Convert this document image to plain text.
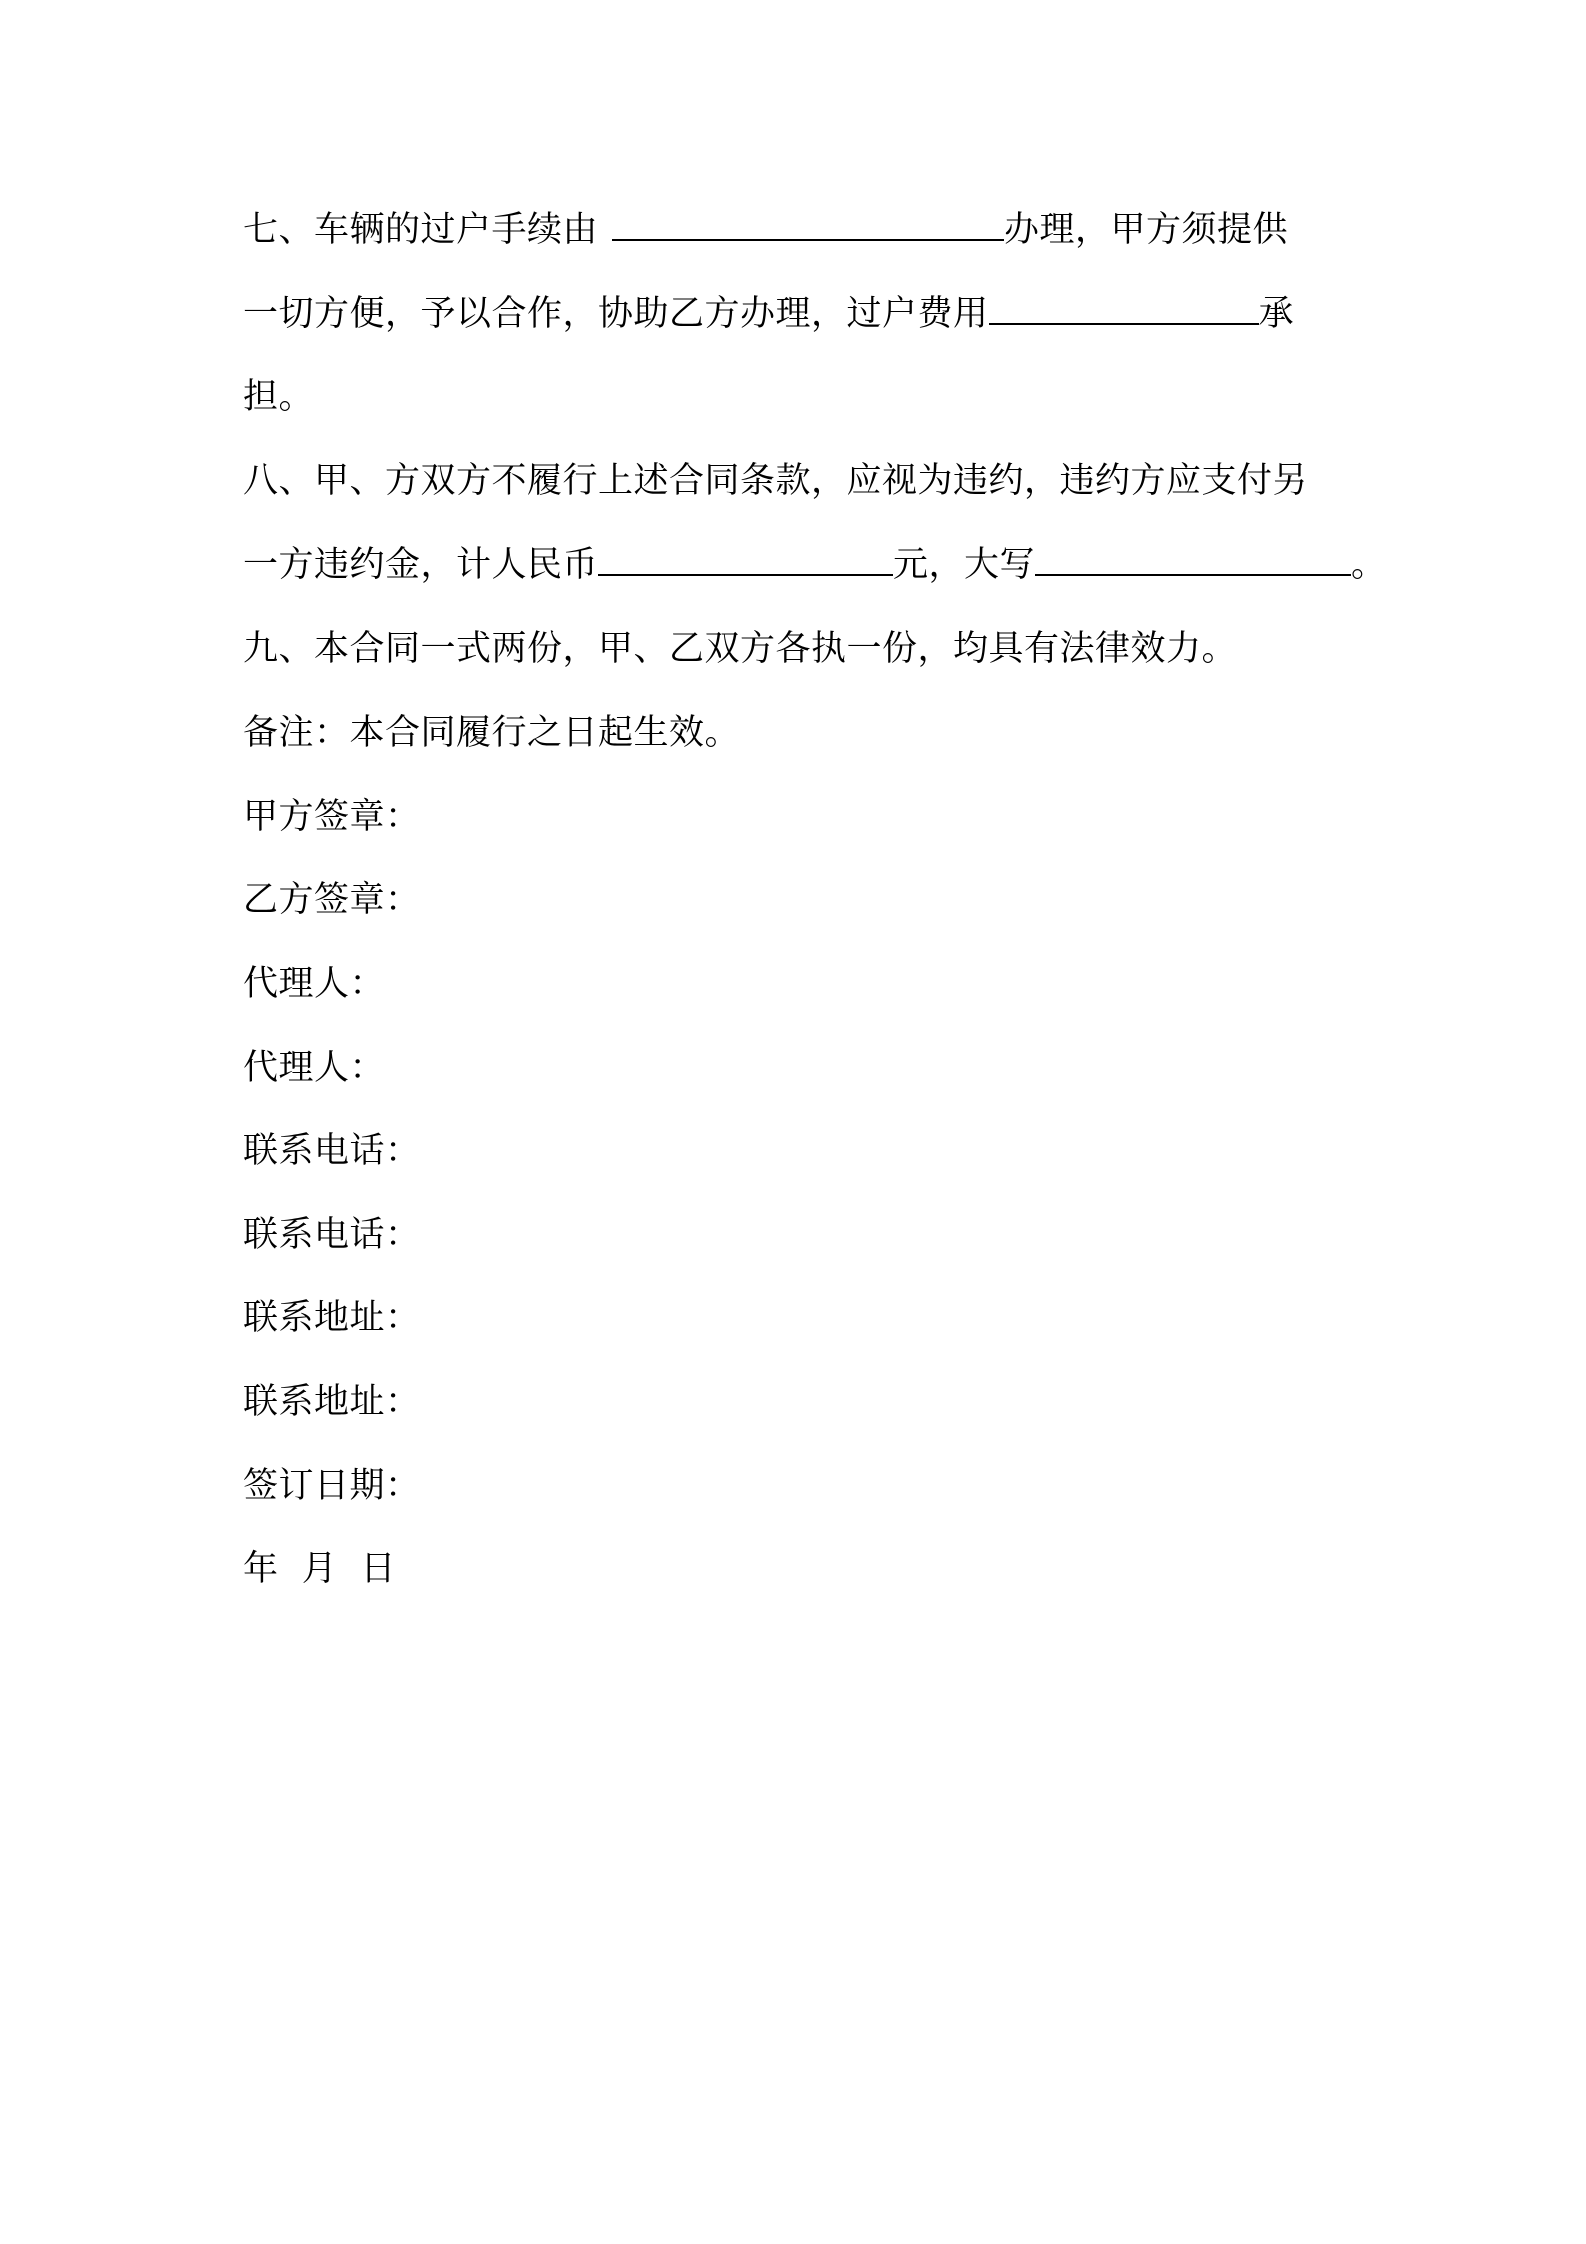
七、车辆的过户手续由	办理，甲方须提供
一切方便，予以合作，协助乙方办理，过户费用	承
担。
八、甲、方双方不履行上述合同条款，应视为违约，违约方应支付另
一方违约金，计人民币	元，大写	。
九、本合同一式两份，甲、乙双方各执一份，均具有法律效力。
备注：本合同履行之日起生效。
甲方签章：
乙方签章：
代理人：
代理人：
联系电话：
联系电话：
联系地址：
联系地址：
签订日期：
年  月  日
